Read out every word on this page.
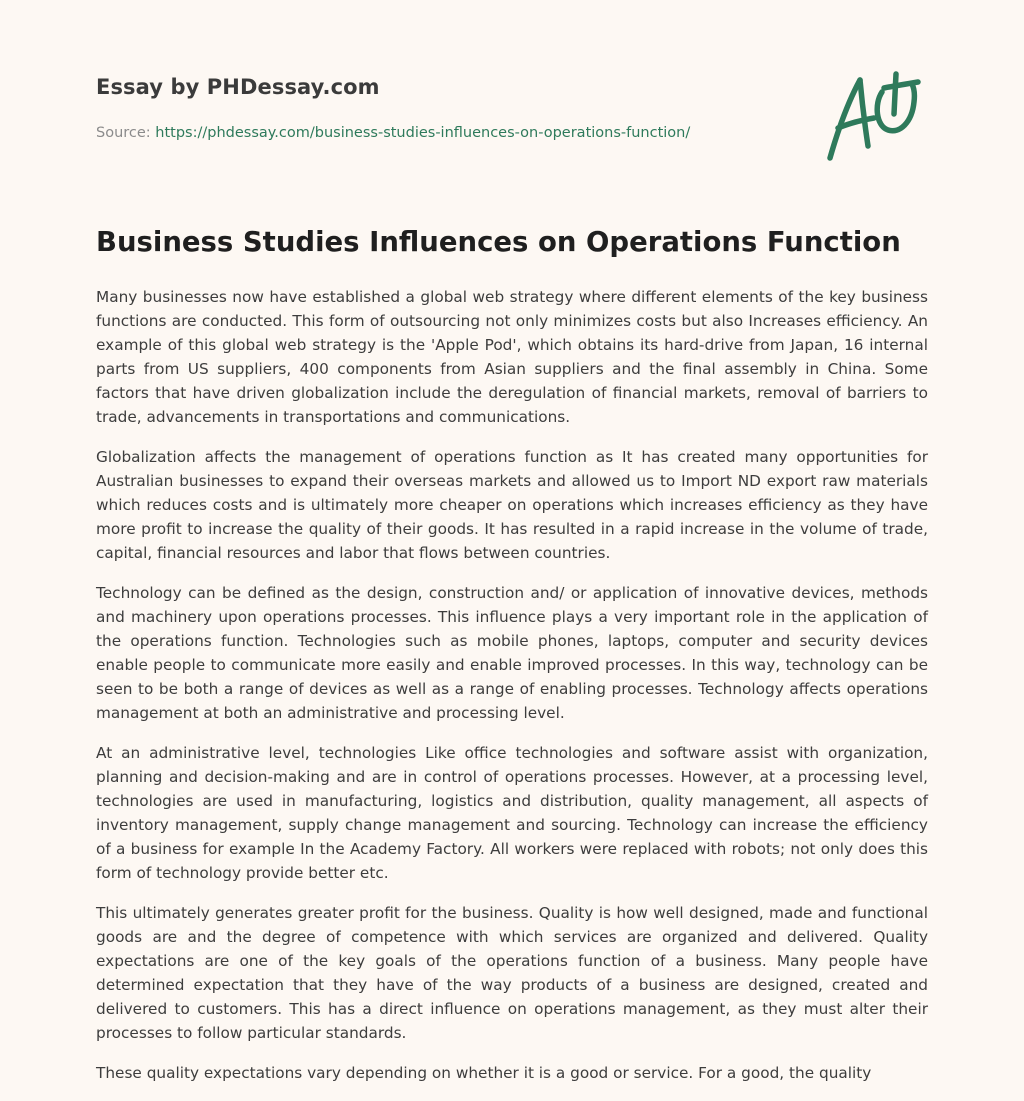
Essay by PHDessay.com
Source: https://phdessay.com/business-studies-influences-on-operations-function/
Business Studies Influences on Operations Function

Many businesses now have established a global web strategy where different elements of the key business functions are conducted. This form of outsourcing not only minimizes costs but also Increases efficiency. An example of this global web strategy is the 'Apple Pod', which obtains its hard-drive from Japan, 16 internal parts from US suppliers, 400 components from Asian suppliers and the final assembly in China. Some factors that have driven globalization include the deregulation of financial markets, removal of barriers to trade, advancements in transportations and communications.

Globalization affects the management of operations function as It has created many opportunities for Australian businesses to expand their overseas markets and allowed us to Import ND export raw materials which reduces costs and is ultimately more cheaper on operations which increases efficiency as they have more profit to increase the quality of their goods. It has resulted in a rapid increase in the volume of trade, capital, financial resources and labor that flows between countries.

Technology can be defined as the design, construction and/ or application of innovative devices, methods and machinery upon operations processes. This influence plays a very important role in the application of the operations function. Technologies such as mobile phones, laptops, computer and security devices enable people to communicate more easily and enable improved processes. In this way, technology can be seen to be both a range of devices as well as a range of enabling processes. Technology affects operations management at both an administrative and processing level.

At an administrative level, technologies Like office technologies and software assist with organization, planning and decision-making and are in control of operations processes. However, at a processing level, technologies are used in manufacturing, logistics and distribution, quality management, all aspects of inventory management, supply change management and sourcing. Technology can increase the efficiency of a business for example In the Academy Factory. All workers were replaced with robots; not only does this form of technology provide better etc.

This ultimately generates greater profit for the business. Quality is how well designed, made and functional goods are and the degree of competence with which services are organized and delivered. Quality expectations are one of the key goals of the operations function of a business. Many people have determined expectation that they have of the way products of a business are designed, created and delivered to customers. This has a direct influence on operations management, as they must alter their processes to follow particular standards.

These quality expectations vary depending on whether it is a good or service. For a good, the quality
